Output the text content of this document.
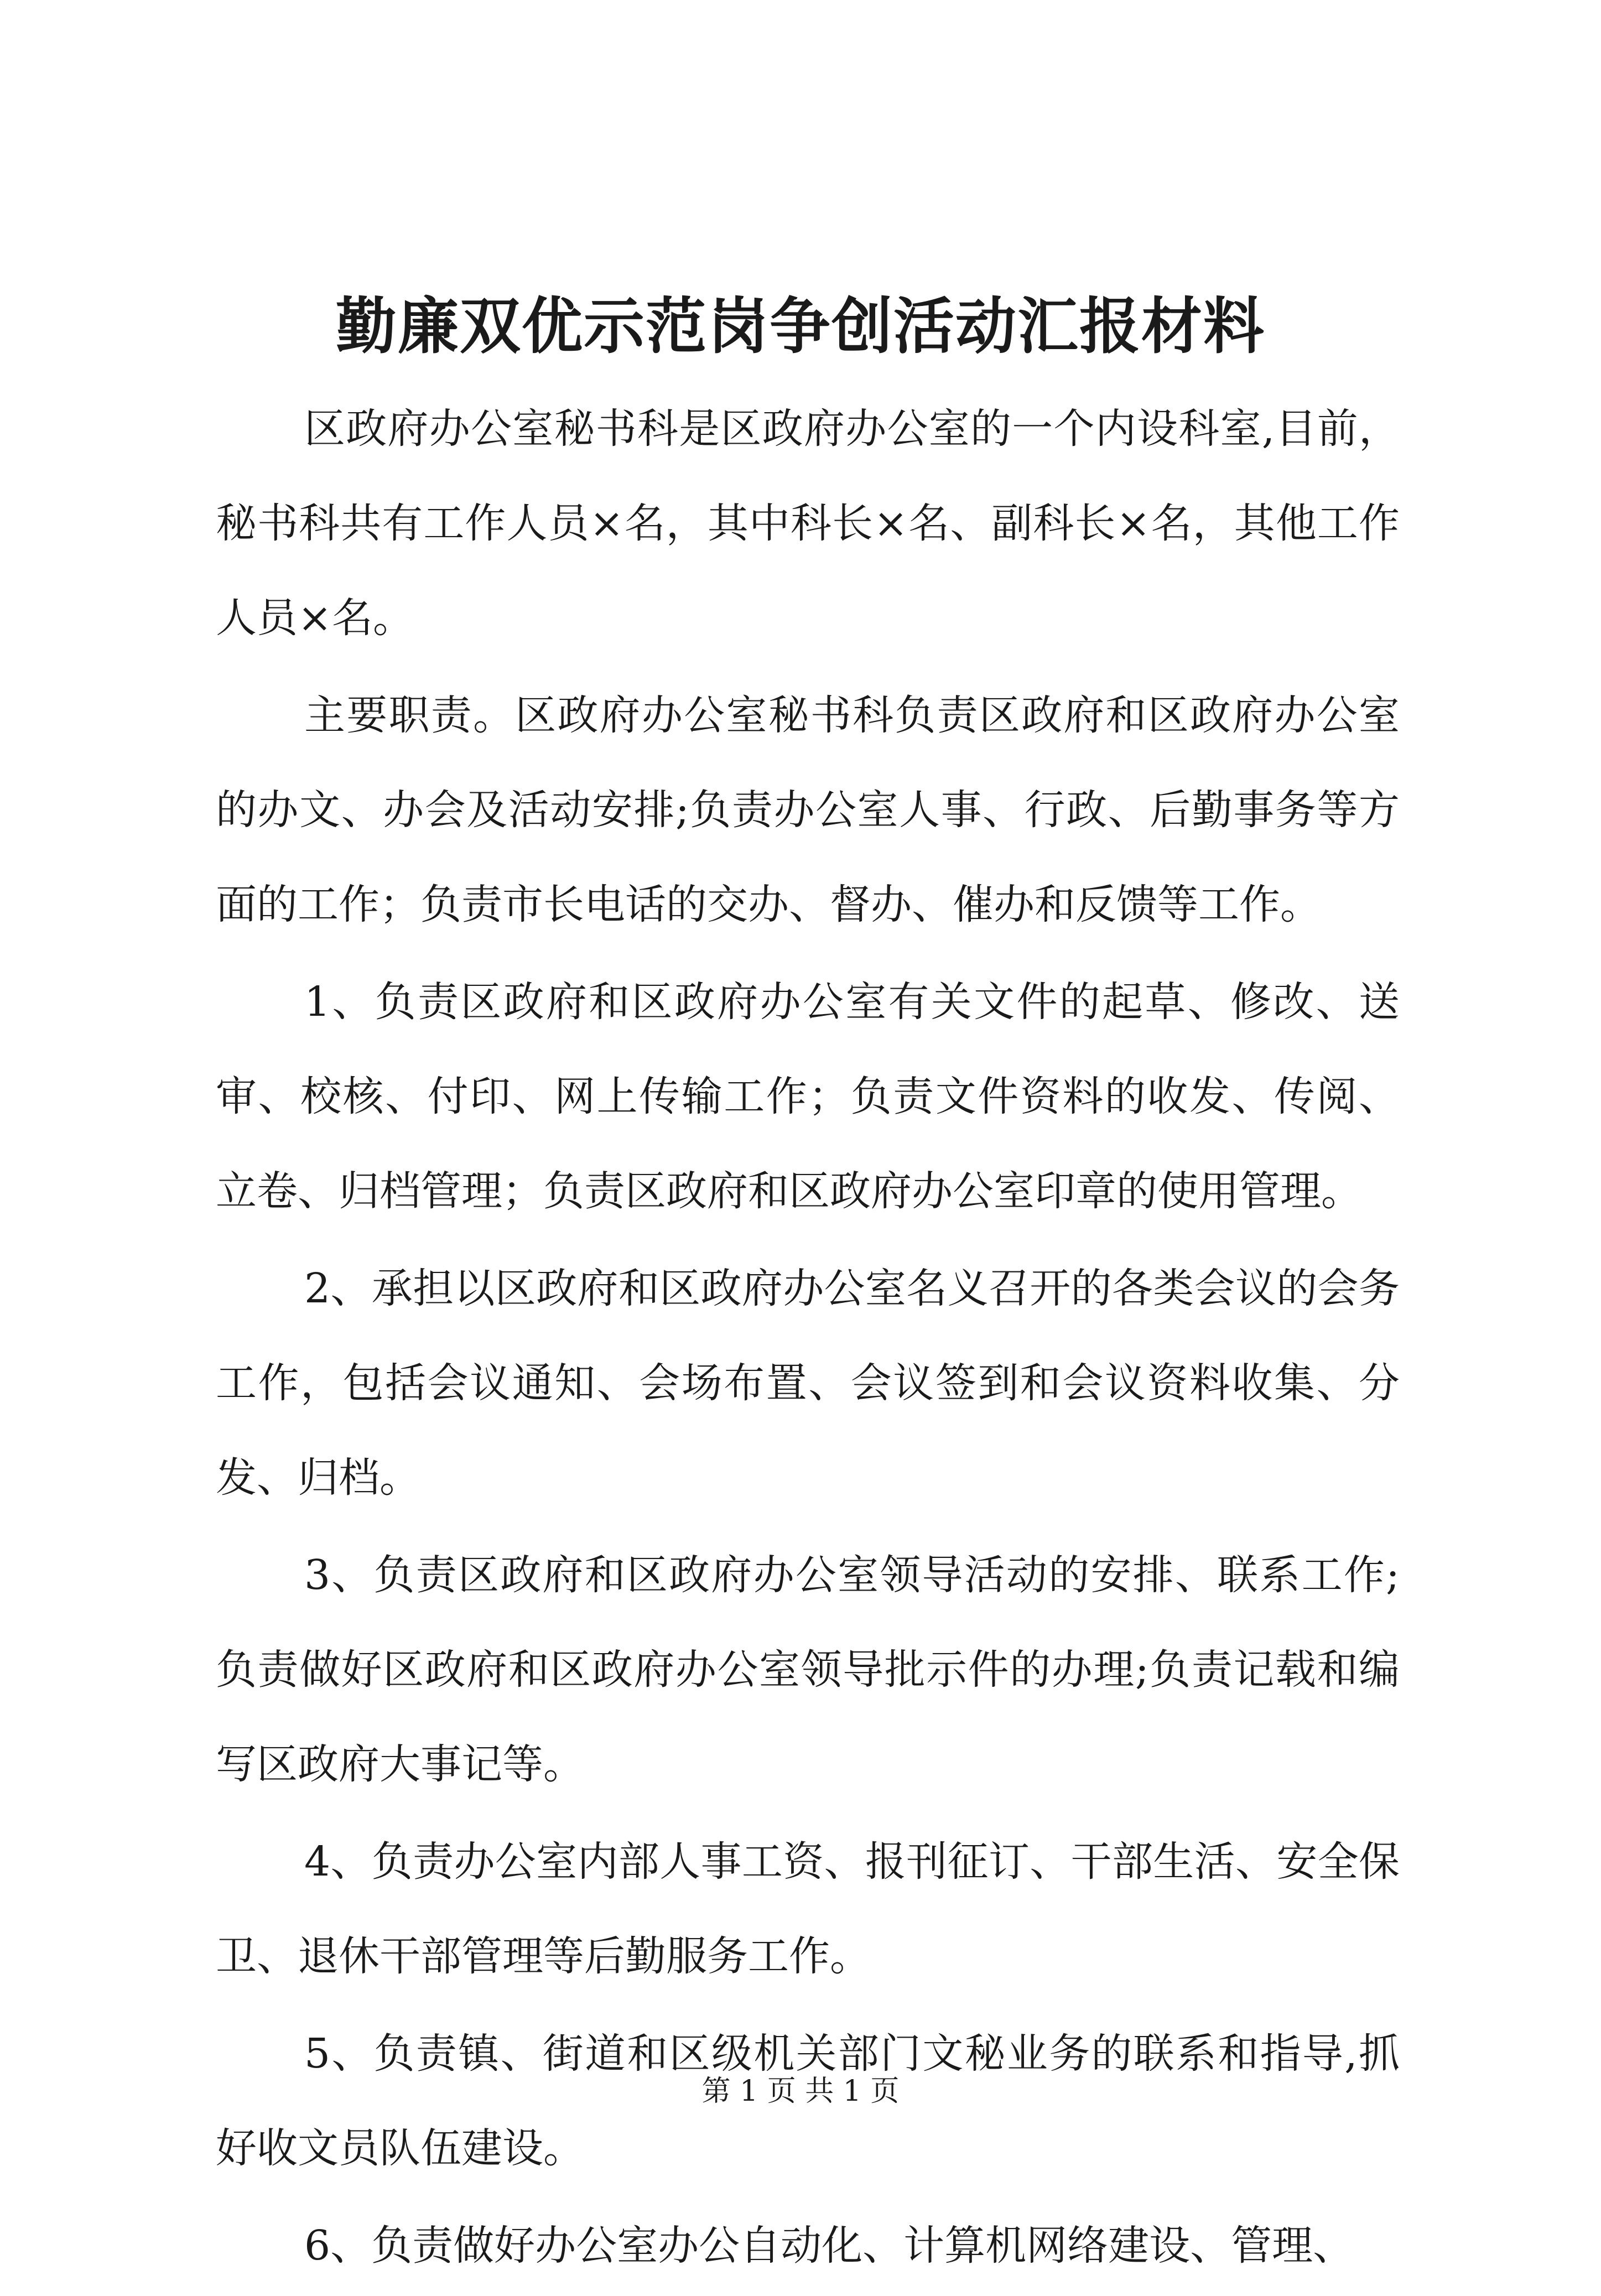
勤廉双优示范岗争创活动汇报材料

区政府办公室秘书科是区政府办公室的一个内设科室,目前，秘书科共有工作人员×名，其中科长×名、副科长×名，其他工作人员×名。

主要职责。区政府办公室秘书科负责区政府和区政府办公室的办文、办会及活动安排;负责办公室人事、行政、后勤事务等方面的工作；负责市长电话的交办、督办、催办和反馈等工作。

1、负责区政府和区政府办公室有关文件的起草、修改、送审、校核、付印、网上传输工作；负责文件资料的收发、传阅、立卷、归档管理；负责区政府和区政府办公室印章的使用管理。

2、承担以区政府和区政府办公室名义召开的各类会议的会务工作，包括会议通知、会场布置、会议签到和会议资料收集、分发、归档。

3、负责区政府和区政府办公室领导活动的安排、联系工作;负责做好区政府和区政府办公室领导批示件的办理;负责记载和编写区政府大事记等。

4、负责办公室内部人事工资、报刊征订、干部生活、安全保卫、退休干部管理等后勤服务工作。

5、负责镇、街道和区级机关部门文秘业务的联系和指导,抓好收文员队伍建设。

6、负责做好办公室办公自动化、计算机网络建设、管理、

第 1 页 共 1 页
